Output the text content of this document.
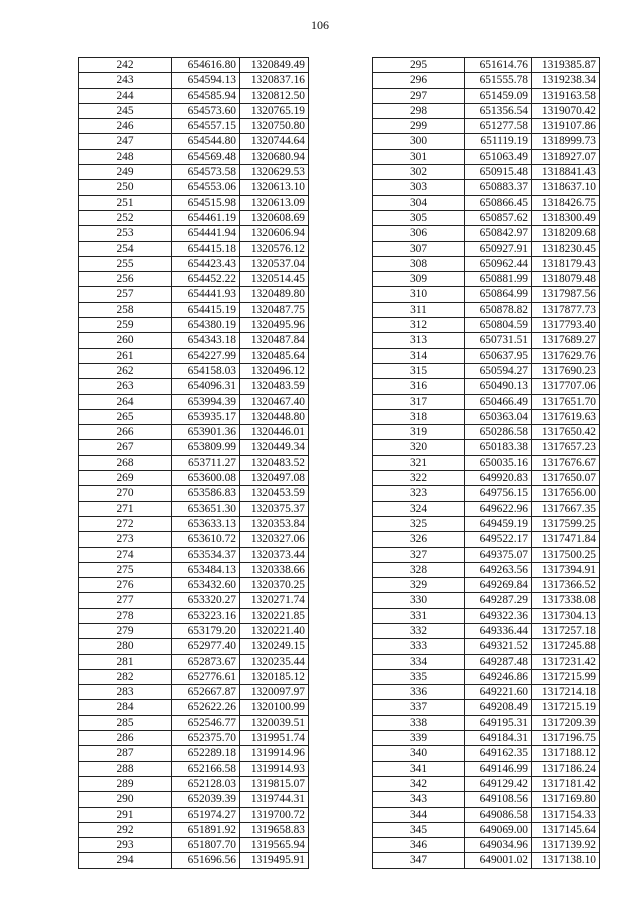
106
242	654616.80	1320849.49
243	654594.13	1320837.16
244	654585.94	1320812.50
245	654573.60	1320765.19
246	654557.15	1320750.80
247	654544.80	1320744.64
248	654569.48	1320680.94
249	654573.58	1320629.53
250	654553.06	1320613.10
251	654515.98	1320613.09
252	654461.19	1320608.69
253	654441.94	1320606.94
254	654415.18	1320576.12
255	654423.43	1320537.04
256	654452.22	1320514.45
257	654441.93	1320489.80
258	654415.19	1320487.75
259	654380.19	1320495.96
260	654343.18	1320487.84
261	654227.99	1320485.64
262	654158.03	1320496.12
263	654096.31	1320483.59
264	653994.39	1320467.40
265	653935.17	1320448.80
266	653901.36	1320446.01
267	653809.99	1320449.34
268	653711.27	1320483.52
269	653600.08	1320497.08
270	653586.83	1320453.59
271	653651.30	1320375.37
272	653633.13	1320353.84
273	653610.72	1320327.06
274	653534.37	1320373.44
275	653484.13	1320338.66
276	653432.60	1320370.25
277	653320.27	1320271.74
278	653223.16	1320221.85
279	653179.20	1320221.40
280	652977.40	1320249.15
281	652873.67	1320235.44
282	652776.61	1320185.12
283	652667.87	1320097.97
284	652622.26	1320100.99
285	652546.77	1320039.51
286	652375.70	1319951.74
287	652289.18	1319914.96
288	652166.58	1319914.93
289	652128.03	1319815.07
290	652039.39	1319744.31
291	651974.27	1319700.72
292	651891.92	1319658.83
293	651807.70	1319565.94
294	651696.56	1319495.91
295	651614.76	1319385.87
296	651555.78	1319238.34
297	651459.09	1319163.58
298	651356.54	1319070.42
299	651277.58	1319107.86
300	651119.19	1318999.73
301	651063.49	1318927.07
302	650915.48	1318841.43
303	650883.37	1318637.10
304	650866.45	1318426.75
305	650857.62	1318300.49
306	650842.97	1318209.68
307	650927.91	1318230.45
308	650962.44	1318179.43
309	650881.99	1318079.48
310	650864.99	1317987.56
311	650878.82	1317877.73
312	650804.59	1317793.40
313	650731.51	1317689.27
314	650637.95	1317629.76
315	650594.27	1317690.23
316	650490.13	1317707.06
317	650466.49	1317651.70
318	650363.04	1317619.63
319	650286.58	1317650.42
320	650183.38	1317657.23
321	650035.16	1317676.67
322	649920.83	1317650.07
323	649756.15	1317656.00
324	649622.96	1317667.35
325	649459.19	1317599.25
326	649522.17	1317471.84
327	649375.07	1317500.25
328	649263.56	1317394.91
329	649269.84	1317366.52
330	649287.29	1317338.08
331	649322.36	1317304.13
332	649336.44	1317257.18
333	649321.52	1317245.88
334	649287.48	1317231.42
335	649246.86	1317215.99
336	649221.60	1317214.18
337	649208.49	1317215.19
338	649195.31	1317209.39
339	649184.31	1317196.75
340	649162.35	1317188.12
341	649146.99	1317186.24
342	649129.42	1317181.42
343	649108.56	1317169.80
344	649086.58	1317154.33
345	649069.00	1317145.64
346	649034.96	1317139.92
347	649001.02	1317138.10
